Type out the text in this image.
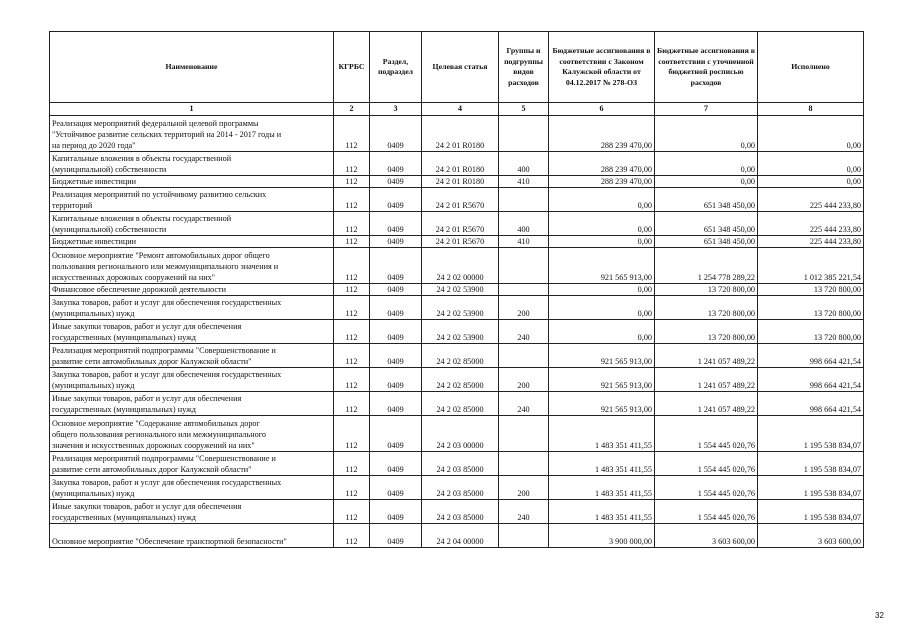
Наименование	КГРБС	Раздел, подраздел	Целевая статья	Группы и подгруппы видов расходов	Бюджетные ассигнования в соответствии с Законом Калужской области от 04.12.2017 № 278-ОЗ	Бюджетные ассигнования в соответствии с уточненной бюджетной росписью расходов	Исполнено
1	2	3	4	5	6	7	8
Реализация мероприятий федеральной целевой программы
"Устойчивое развитие сельских территорий на 2014 - 2017 годы и
на период до 2020 года"	112	0409	24 2 01 R0180		288 239 470,00	0,00	0,00
Капитальные вложения в объекты государственной
(муниципальной) собственности	112	0409	24 2 01 R0180	400	288 239 470,00	0,00	0,00
Бюджетные инвестиции	112	0409	24 2 01 R0180	410	288 239 470,00	0,00	0,00
Реализация мероприятий по устойчивому развитию сельских
территорий	112	0409	24 2 01 R5670		0,00	651 348 450,00	225 444 233,80
Капитальные вложения в объекты государственной
(муниципальной) собственности	112	0409	24 2 01 R5670	400	0,00	651 348 450,00	225 444 233,80
Бюджетные инвестиции	112	0409	24 2 01 R5670	410	0,00	651 348 450,00	225 444 233,80
Основное мероприятие "Ремонт автомобильных дорог общего
пользования регионального или межмуниципального значения и
искусственных дорожных сооружений на них"	112	0409	24 2 02 00000		921 565 913,00	1 254 778 289,22	1 012 385 221,54
Финансовое обеспечение дорожной деятельности	112	0409	24 2 02 53900		0,00	13 720 800,00	13 720 800,00
Закупка товаров, работ и услуг для обеспечения государственных
(муниципальных) нужд	112	0409	24 2 02 53900	200	0,00	13 720 800,00	13 720 800,00
Иные закупки товаров, работ и услуг для обеспечения
государственных (муниципальных) нужд	112	0409	24 2 02 53900	240	0,00	13 720 800,00	13 720 800,00
Реализация мероприятий подпрограммы "Совершенствование и
развитие сети автомобильных дорог Калужской области"	112	0409	24 2 02 85000		921 565 913,00	1 241 057 489,22	998 664 421,54
Закупка товаров, работ и услуг для обеспечения государственных
(муниципальных) нужд	112	0409	24 2 02 85000	200	921 565 913,00	1 241 057 489,22	998 664 421,54
Иные закупки товаров, работ и услуг для обеспечения
государственных (муниципальных) нужд	112	0409	24 2 02 85000	240	921 565 913,00	1 241 057 489,22	998 664 421,54
Основное мероприятие "Содержание автомобильных дорог
общего пользования регионального или межмуниципального
значения и искусственных дорожных сооружений на них"	112	0409	24 2 03 00000		1 483 351 411,55	1 554 445 020,76	1 195 538 834,07
Реализация мероприятий подпрограммы "Совершенствование и
развитие сети автомобильных дорог Калужской области"	112	0409	24 2 03 85000		1 483 351 411,55	1 554 445 020,76	1 195 538 834,07
Закупка товаров, работ и услуг для обеспечения государственных
(муниципальных) нужд	112	0409	24 2 03 85000	200	1 483 351 411,55	1 554 445 020,76	1 195 538 834,07
Иные закупки товаров, работ и услуг для обеспечения
государственных (муниципальных) нужд	112	0409	24 2 03 85000	240	1 483 351 411,55	1 554 445 020,76	1 195 538 834,07
Основное мероприятие "Обеспечение транспортной безопасности"	112	0409	24 2 04 00000		3 900 000,00	3 603 600,00	3 603 600,00
32
